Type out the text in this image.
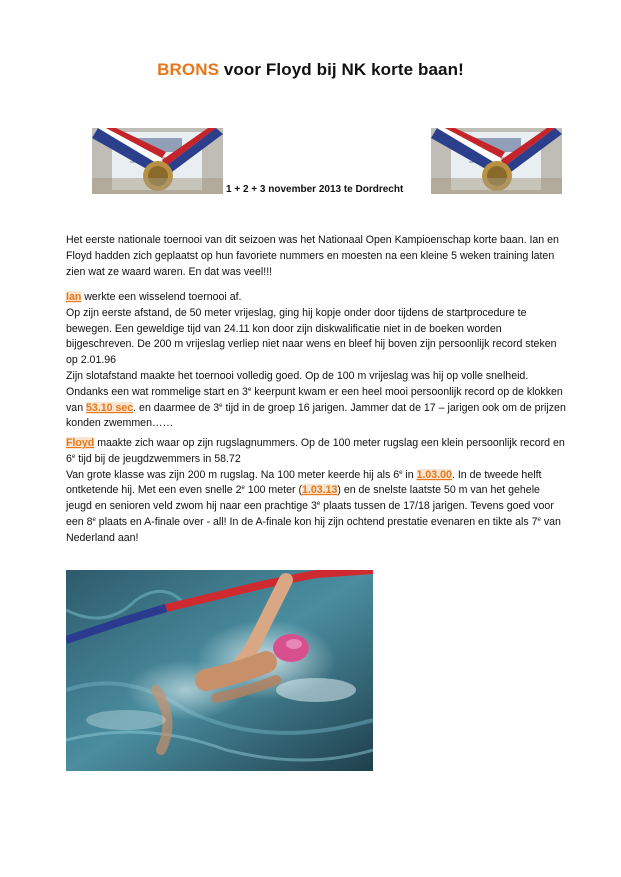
BRONS voor Floyd bij NK korte baan!
1 + 2 + 3 november 2013 te Dordrecht

Het eerste nationale toernooi van dit seizoen was het Nationaal Open Kampioenschap korte baan. Ian en Floyd hadden zich geplaatst op hun favoriete nummers en moesten na een kleine 5 weken training laten zien wat ze waard waren. En dat was veel!!!

Ian werkte een wisselend toernooi af.

Op zijn eerste afstand, de 50 meter vrijeslag, ging hij kopje onder door tijdens de startprocedure te bewegen. Een geweldige tijd van 24.11 kon door zijn diskwalificatie niet in de boeken worden bijgeschreven. De 200 m vrijeslag verliep niet naar wens en bleef hij boven zijn persoonlijk record steken op 2.01.96

Zijn slotafstand maakte het toernooi volledig goed. Op de 100 m vrijeslag was hij op volle snelheid. Ondanks een wat rommelige start en 3e keerpunt kwam er een heel mooi persoonlijk record op de klokken van 53.10 sec. en daarmee de 3e tijd in de groep 16 jarigen. Jammer dat de 17 – jarigen ook om de prijzen konden zwemmen……

Floyd maakte zich waar op zijn rugslagnummers. Op de 100 meter rugslag een klein persoonlijk record en 6e tijd bij de jeugdzwemmers in 58.72

Van grote klasse was zijn 200 m rugslag. Na 100 meter keerde hij als 6e in 1.03.00. In de tweede helft ontketende hij. Met een even snelle 2e 100 meter (1.03.13) en de snelste laatste 50 m van het gehele jeugd en senioren veld zwom hij naar een prachtige 3e plaats tussen de 17/18 jarigen. Tevens goed voor een 8e plaats en A-finale over - all! In de A-finale kon hij zijn ochtend prestatie evenaren en tikte als 7e van Nederland aan!
